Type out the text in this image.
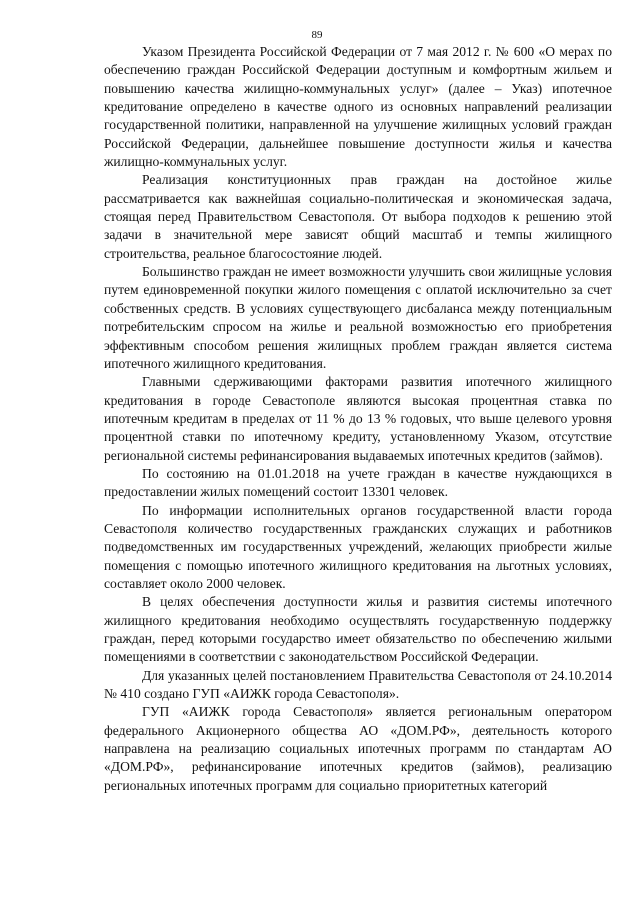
89

Указом Президента Российской Федерации от 7 мая 2012 г. № 600 «О мерах по обеспечению граждан Российской Федерации доступным и комфортным жильем и повышению качества жилищно-коммунальных услуг» (далее – Указ) ипотечное кредитование определено в качестве одного из основных направлений реализации государственной политики, направленной на улучшение жилищных условий граждан Российской Федерации, дальнейшее повышение доступности жилья и качества жилищно-коммунальных услуг.

Реализация конституционных прав граждан на достойное жилье рассматривается как важнейшая социально-политическая и экономическая задача, стоящая перед Правительством Севастополя. От выбора подходов к решению этой задачи в значительной мере зависят общий масштаб и темпы жилищного строительства, реальное благосостояние людей.

Большинство граждан не имеет возможности улучшить свои жилищные условия путем единовременной покупки жилого помещения с оплатой исключительно за счет собственных средств. В условиях существующего дисбаланса между потенциальным потребительским спросом на жилье и реальной возможностью его приобретения эффективным способом решения жилищных проблем граждан является система ипотечного жилищного кредитования.

Главными сдерживающими факторами развития ипотечного жилищного кредитования в городе Севастополе являются высокая процентная ставка по ипотечным кредитам в пределах от 11 % до 13 % годовых, что выше целевого уровня процентной ставки по ипотечному кредиту, установленному Указом, отсутствие региональной системы рефинансирования выдаваемых ипотечных кредитов (займов).

По состоянию на 01.01.2018 на учете граждан в качестве нуждающихся в предоставлении жилых помещений состоит 13301 человек.

По информации исполнительных органов государственной власти города Севастополя количество государственных гражданских служащих и работников подведомственных им государственных учреждений, желающих приобрести жилые помещения с помощью ипотечного жилищного кредитования на льготных условиях, составляет около 2000 человек.

В целях обеспечения доступности жилья и развития системы ипотечного жилищного кредитования необходимо осуществлять государственную поддержку граждан, перед которыми государство имеет обязательство по обеспечению жилыми помещениями в соответствии с законодательством Российской Федерации.

Для указанных целей постановлением Правительства Севастополя от 24.10.2014 № 410 создано ГУП «АИЖК города Севастополя».

ГУП «АИЖК города Севастополя» является региональным оператором федерального Акционерного общества АО «ДОМ.РФ», деятельность которого направлена на реализацию социальных ипотечных программ по стандартам АО «ДОМ.РФ», рефинансирование ипотечных кредитов (займов), реализацию региональных ипотечных программ для социально приоритетных категорий
